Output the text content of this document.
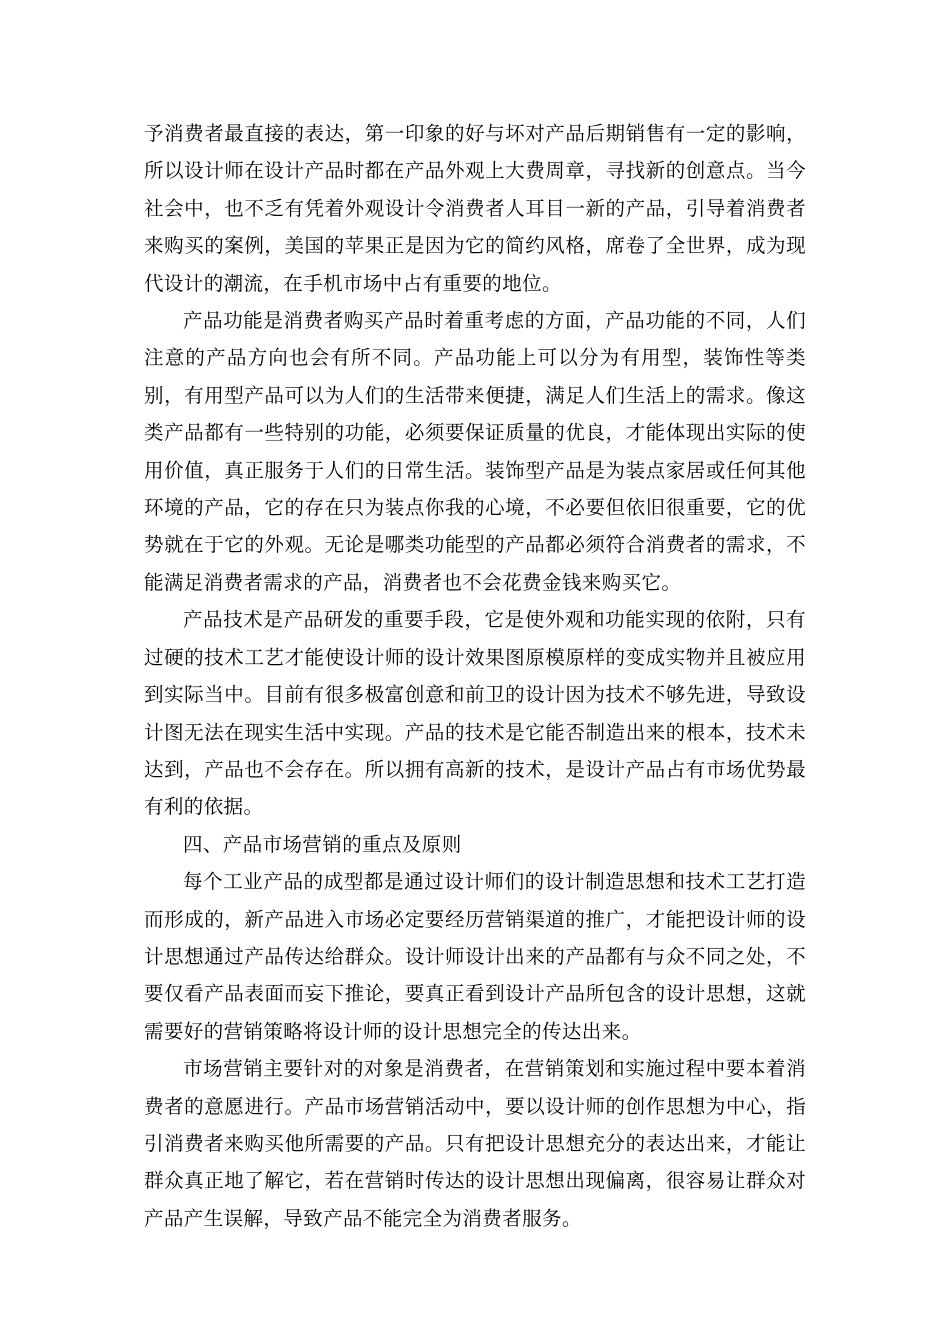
予消费者最直接的表达，第一印象的好与坏对产品后期销售有一定的影响，所以设计师在设计产品时都在产品外观上大费周章，寻找新的创意点。当今社会中，也不乏有凭着外观设计令消费者人耳目一新的产品，引导着消费者来购买的案例，美国的苹果正是因为它的简约风格，席卷了全世界，成为现代设计的潮流，在手机市场中占有重要的地位。

产品功能是消费者购买产品时着重考虑的方面，产品功能的不同，人们注意的产品方向也会有所不同。产品功能上可以分为有用型，装饰性等类别，有用型产品可以为人们的生活带来便捷，满足人们生活上的需求。像这类产品都有一些特别的功能，必须要保证质量的优良，才能体现出实际的使用价值，真正服务于人们的日常生活。装饰型产品是为装点家居或任何其他环境的产品，它的存在只为装点你我的心境，不必要但依旧很重要，它的优势就在于它的外观。无论是哪类功能型的产品都必须符合消费者的需求，不能满足消费者需求的产品，消费者也不会花费金钱来购买它。

产品技术是产品研发的重要手段，它是使外观和功能实现的依附，只有过硬的技术工艺才能使设计师的设计效果图原模原样的变成实物并且被应用到实际当中。目前有很多极富创意和前卫的设计因为技术不够先进，导致设计图无法在现实生活中实现。产品的技术是它能否制造出来的根本，技术未达到，产品也不会存在。所以拥有高新的技术，是设计产品占有市场优势最有利的依据。

四、产品市场营销的重点及原则

每个工业产品的成型都是通过设计师们的设计制造思想和技术工艺打造而形成的，新产品进入市场必定要经历营销渠道的推广，才能把设计师的设计思想通过产品传达给群众。设计师设计出来的产品都有与众不同之处，不要仅看产品表面而妄下推论，要真正看到设计产品所包含的设计思想，这就需要好的营销策略将设计师的设计思想完全的传达出来。

市场营销主要针对的对象是消费者，在营销策划和实施过程中要本着消费者的意愿进行。产品市场营销活动中，要以设计师的创作思想为中心，指引消费者来购买他所需要的产品。只有把设计思想充分的表达出来，才能让群众真正地了解它，若在营销时传达的设计思想出现偏离，很容易让群众对产品产生误解，导致产品不能完全为消费者服务。
